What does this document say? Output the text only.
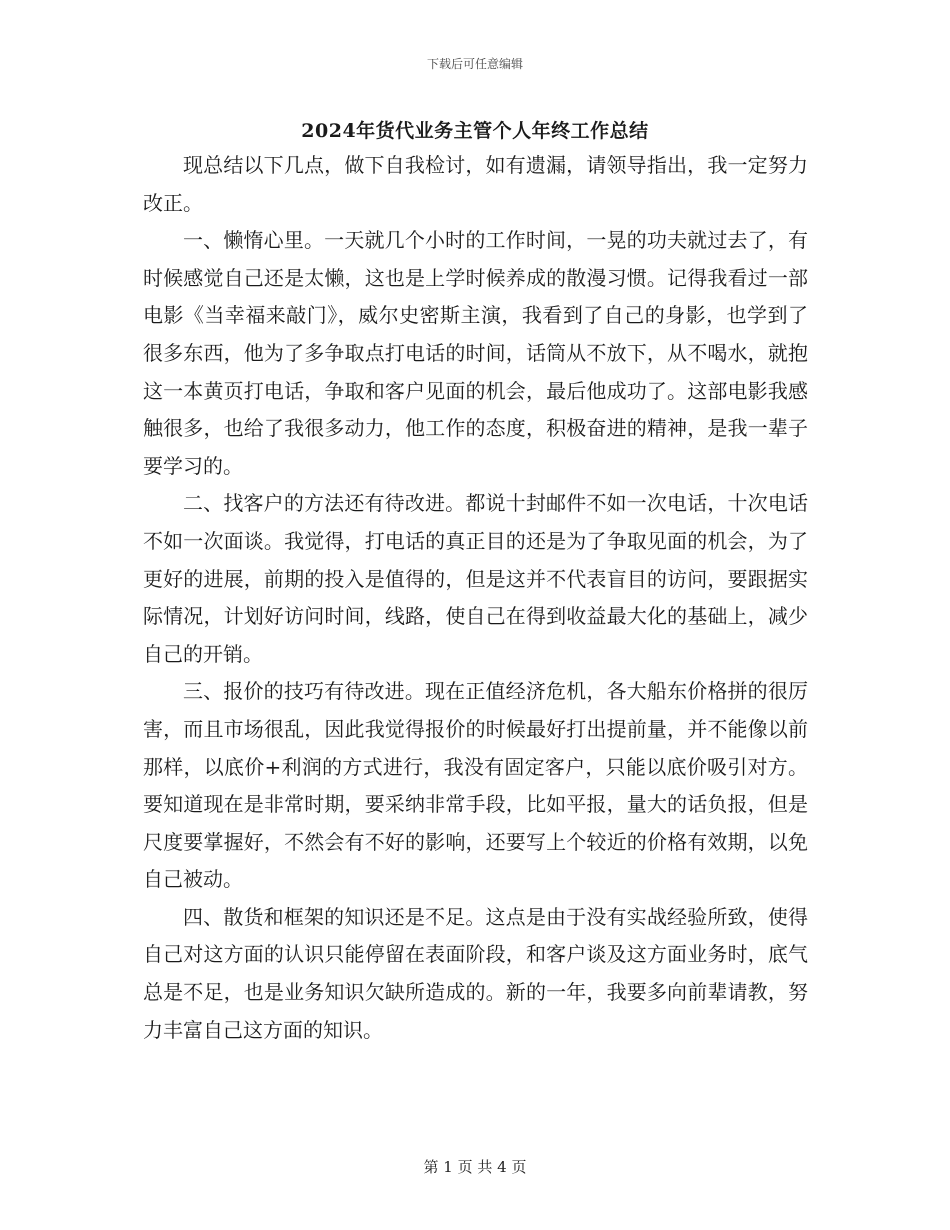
下载后可任意编辑
2024年货代业务主管个人年终工作总结

现总结以下几点，做下自我检讨，如有遗漏，请领导指出，我一定努力改正。

一、懒惰心里。一天就几个小时的工作时间，一晃的功夫就过去了，有时候感觉自己还是太懒，这也是上学时候养成的散漫习惯。记得我看过一部电影《当幸福来敲门》，威尔史密斯主演，我看到了自己的身影，也学到了很多东西，他为了多争取点打电话的时间，话筒从不放下，从不喝水，就抱这一本黄页打电话，争取和客户见面的机会，最后他成功了。这部电影我感触很多，也给了我很多动力，他工作的态度，积极奋进的精神，是我一辈子要学习的。

二、找客户的方法还有待改进。都说十封邮件不如一次电话，十次电话不如一次面谈。我觉得，打电话的真正目的还是为了争取见面的机会，为了更好的进展，前期的投入是值得的，但是这并不代表盲目的访问，要跟据实际情况，计划好访问时间，线路，使自己在得到收益最大化的基础上，减少自己的开销。

三、报价的技巧有待改进。现在正值经济危机，各大船东价格拼的很厉害，而且市场很乱，因此我觉得报价的时候最好打出提前量，并不能像以前那样，以底价+利润的方式进行，我没有固定客户，只能以底价吸引对方。要知道现在是非常时期，要采纳非常手段，比如平报，量大的话负报，但是尺度要掌握好，不然会有不好的影响，还要写上个较近的价格有效期，以免自己被动。

四、散货和框架的知识还是不足。这点是由于没有实战经验所致，使得自己对这方面的认识只能停留在表面阶段，和客户谈及这方面业务时，底气总是不足，也是业务知识欠缺所造成的。新的一年，我要多向前辈请教，努力丰富自己这方面的知识。

第 1 页 共 4 页
